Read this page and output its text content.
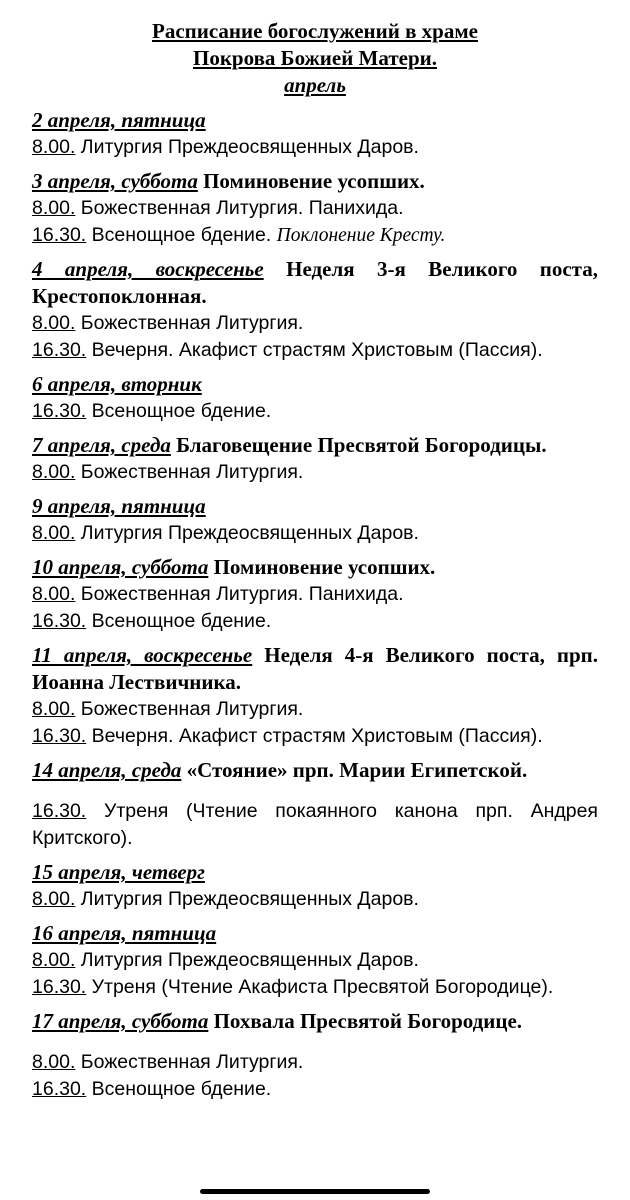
Расписание богослужений в храме
Покрова Божией Матери.
апрель
2 апреля, пятница
8.00. Литургия Преждеосвященных Даров.
3 апреля, суббота Поминовение усопших.
8.00. Божественная Литургия. Панихида.
16.30. Всенощное бдение. Поклонение Кресту.
4 апреля, воскресенье Неделя 3-я Великого поста, Крестопоклонная.
8.00. Божественная Литургия.
16.30. Вечерня. Акафист страстям Христовым (Пассия).
6 апреля, вторник
16.30. Всенощное бдение.
7 апреля, среда Благовещение Пресвятой Богородицы.
8.00. Божественная Литургия.
9 апреля, пятница
8.00. Литургия Преждеосвященных Даров.
10 апреля, суббота Поминовение усопших.
8.00. Божественная Литургия. Панихида.
16.30. Всенощное бдение.
11 апреля, воскресенье Неделя 4-я Великого поста, прп. Иоанна Лествичника.
8.00. Божественная Литургия.
16.30. Вечерня. Акафист страстям Христовым (Пассия).
14 апреля, среда «Стояние» прп. Марии Египетской.
16.30. Утреня (Чтение покаянного канона прп. Андрея Критского).
15 апреля, четверг
8.00. Литургия Преждеосвященных Даров.
16 апреля, пятница
8.00. Литургия Преждеосвященных Даров.
16.30. Утреня (Чтение Акафиста Пресвятой Богородице).
17 апреля, суббота Похвала Пресвятой Богородице.
8.00. Божественная Литургия.
16.30. Всенощное бдение.
